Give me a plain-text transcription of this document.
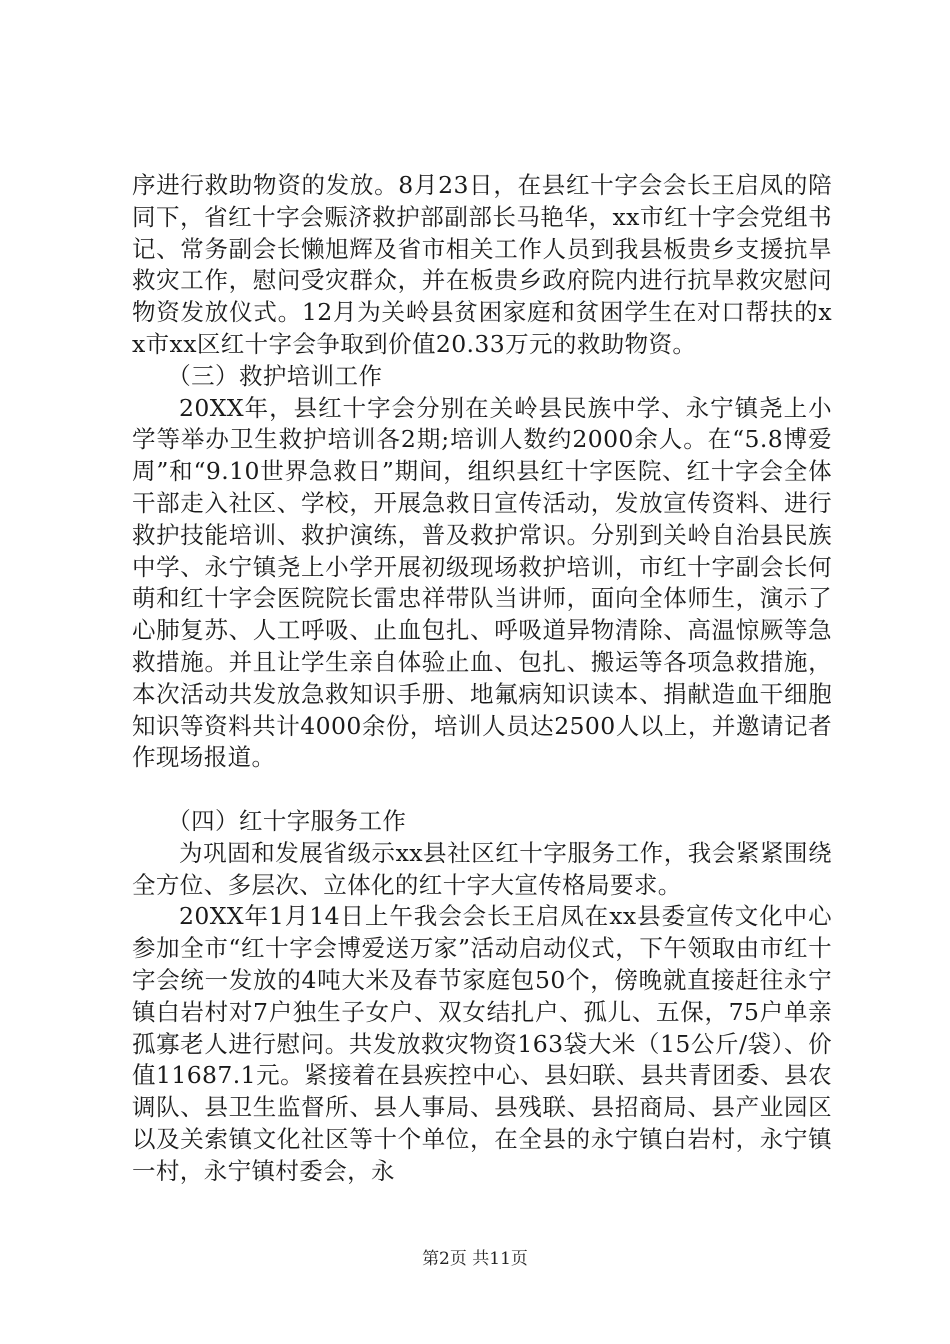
序进行救助物资的发放。8月23日，在县红十字会会长王启凤的陪同下，省红十字会赈济救护部副部长马艳华，xx市红十字会党组书记、常务副会长懒旭辉及省市相关工作人员到我县板贵乡支援抗旱救灾工作，慰问受灾群众，并在板贵乡政府院内进行抗旱救灾慰问物资发放仪式。12月为关岭县贫困家庭和贫困学生在对口帮扶的xx市xx区红十字会争取到价值20.33万元的救助物资。

（三）救护培训工作

20XX年，县红十字会分别在关岭县民族中学、永宁镇尧上小学等举办卫生救护培训各2期;培训人数约2000余人。在“5.8博爱周”和“9.10世界急救日”期间，组织县红十字医院、红十字会全体干部走入社区、学校，开展急救日宣传活动，发放宣传资料、进行救护技能培训、救护演练，普及救护常识。分别到关岭自治县民族中学、永宁镇尧上小学开展初级现场救护培训，市红十字副会长何萌和红十字会医院院长雷忠祥带队当讲师，面向全体师生，演示了心肺复苏、人工呼吸、止血包扎、呼吸道异物清除、高温惊厥等急救措施。并且让学生亲自体验止血、包扎、搬运等各项急救措施，本次活动共发放急救知识手册、地氟病知识读本、捐献造血干细胞知识等资料共计4000余份，培训人员达2500人以上，并邀请记者作现场报道。

（四）红十字服务工作

为巩固和发展省级示xx县社区红十字服务工作，我会紧紧围绕全方位、多层次、立体化的红十字大宣传格局要求。

20XX年1月14日上午我会会长王启凤在xx县委宣传文化中心参加全市“红十字会博爱送万家”活动启动仪式，下午领取由市红十字会统一发放的4吨大米及春节家庭包50个，傍晚就直接赶往永宁镇白岩村对7户独生子女户、双女结扎户、孤儿、五保，75户单亲孤寡老人进行慰问。共发放救灾物资163袋大米（15公斤/袋）、价值11687.1元。紧接着在县疾控中心、县妇联、县共青团委、县农调队、县卫生监督所、县人事局、县残联、县招商局、县产业园区以及关索镇文化社区等十个单位，在全县的永宁镇白岩村，永宁镇一村，永宁镇村委会，永

第2页 共11页
